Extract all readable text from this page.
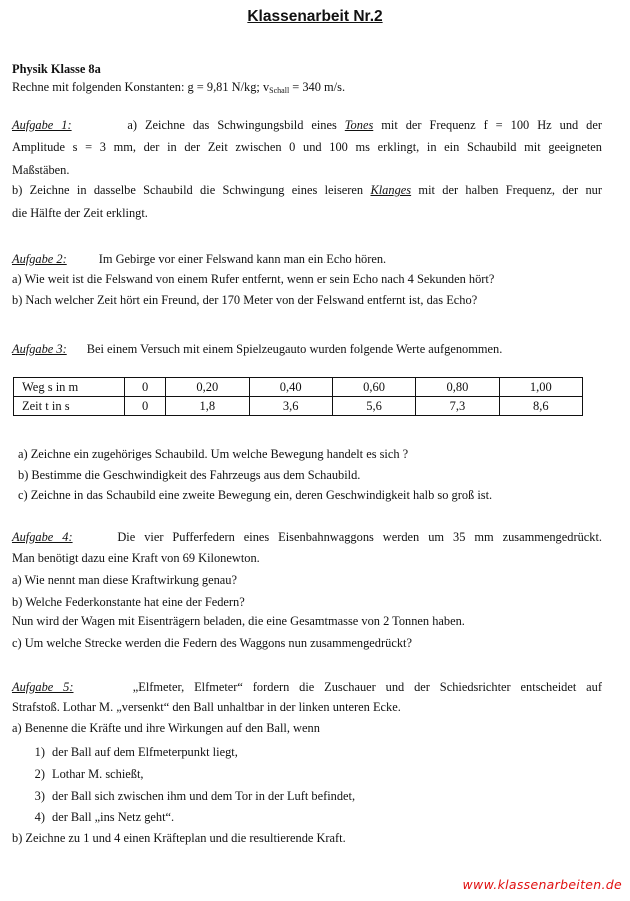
Klassenarbeit Nr.2
Physik Klasse 8a
Rechne mit folgenden Konstanten: g = 9,81 N/kg; $v_{Schall} = 340$ m/s.
Aufgabe 1:	a) Zeichne das Schwingungsbild eines Tones mit der Frequenz f = 100 Hz und der
Amplitude s = 3 mm, der in der Zeit zwischen 0 und 100 ms erklingt, in ein Schaubild mit geeigneten
Maßstäben.
b) Zeichne in dasselbe Schaubild die Schwingung eines leiseren Klanges mit der halben Frequenz, der nur
die Hälfte der Zeit erklingt.
Aufgabe 2:	Im Gebirge vor einer Felswand kann man ein Echo hören.
a) Wie weit ist die Felswand von einem Rufer entfernt, wenn er sein Echo nach 4 Sekunden hört?
b) Nach welcher Zeit hört ein Freund, der 170 Meter von der Felswand entfernt ist, das Echo?
Aufgabe 3: Bei einem Versuch mit einem Spielzeugauto wurden folgende Werte aufgenommen.
Weg s in m	0	0,20	0,40	0,60	0,80	1,00
Zeit t in s	0	1,8	3,6	5,6	7,3	8,6
a) Zeichne ein zugehöriges Schaubild. Um welche Bewegung handelt es sich ?
b) Bestimme die Geschwindigkeit des Fahrzeugs aus dem Schaubild.
c) Zeichne in das Schaubild eine zweite Bewegung ein, deren Geschwindigkeit halb so groß ist.
Aufgabe 4:	Die vier Pufferfedern eines Eisenbahnwaggons werden um 35 mm zusammengedrückt.
Man benötigt dazu eine Kraft von 69 Kilonewton.
a) Wie nennt man diese Kraftwirkung genau?
b) Welche Federkonstante hat eine der Federn?
Nun wird der Wagen mit Eisenträgern beladen, die eine Gesamtmasse von 2 Tonnen haben.
c) Um welche Strecke werden die Federn des Waggons nun zusammengedrückt?
Aufgabe 5:	„Elfmeter, Elfmeter“ fordern die Zuschauer und der Schiedsrichter entscheidet auf
Strafstoß. Lothar M. „versenkt“ den Ball unhaltbar in der linken unteren Ecke.
a) Benenne die Kräfte und ihre Wirkungen auf den Ball, wenn
1) der Ball auf dem Elfmeterpunkt liegt,
2) Lothar M. schießt,
3) der Ball sich zwischen ihm und dem Tor in der Luft befindet,
4) der Ball „ins Netz geht“.
b) Zeichne zu 1 und 4 einen Kräfteplan und die resultierende Kraft.
www.klassenarbeiten.de
